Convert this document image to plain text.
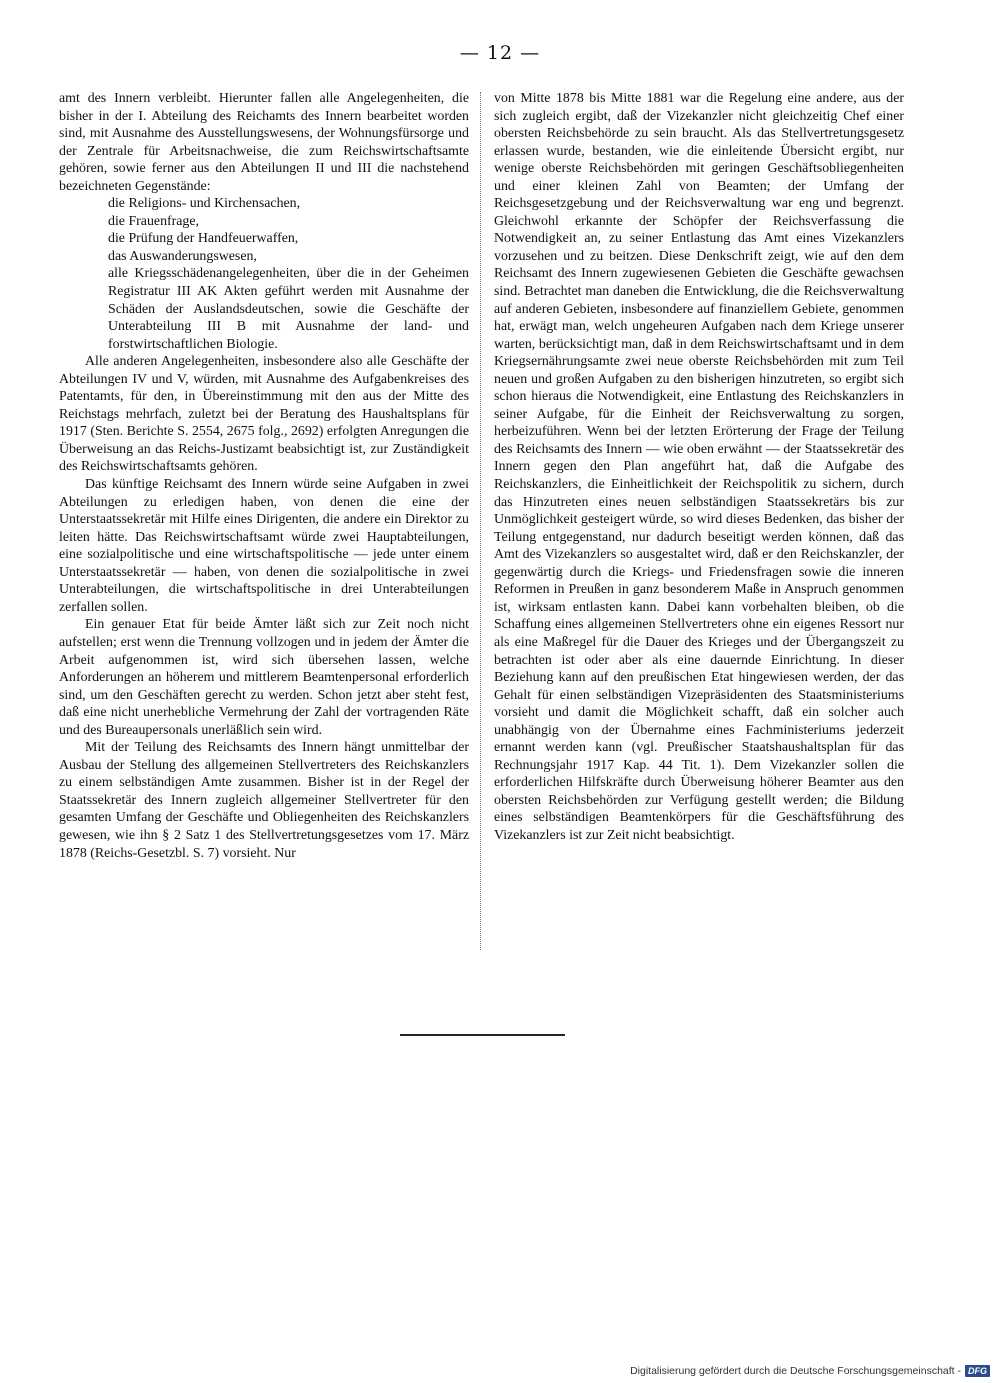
— 12 —

amt des Innern verbleibt. Hierunter fallen alle Angelegenheiten, die bisher in der I. Abteilung des Reichamts des Innern bearbeitet worden sind, mit Ausnahme des Ausstellungswesens, der Wohnungsfürsorge und der Zentrale für Arbeitsnachweise, die zum Reichswirtschaftsamte gehören, sowie ferner aus den Abteilungen II und III die nachstehend bezeichneten Gegenstände:

die Religions- und Kirchensachen,
die Frauenfrage,
die Prüfung der Handfeuerwaffen,
das Auswanderungswesen,
alle Kriegsschädenangelegenheiten, über die in der Geheimen Registratur III AK Akten geführt werden mit Ausnahme der Schäden der Auslandsdeutschen, sowie die Geschäfte der Unterabteilung III B mit Ausnahme der land- und forstwirtschaftlichen Biologie.

Alle anderen Angelegenheiten, insbesondere also alle Geschäfte der Abteilungen IV und V, würden, mit Ausnahme des Aufgabenkreises des Patentamts, für den, in Übereinstimmung mit den aus der Mitte des Reichstags mehrfach, zuletzt bei der Beratung des Haushaltsplans für 1917 (Sten. Berichte S. 2554, 2675 folg., 2692) erfolgten Anregungen die Überweisung an das Reichs-Justizamt beabsichtigt ist, zur Zuständigkeit des Reichswirtschaftsamts gehören.

Das künftige Reichsamt des Innern würde seine Aufgaben in zwei Abteilungen zu erledigen haben, von denen die eine der Unterstaatssekretär mit Hilfe eines Dirigenten, die andere ein Direktor zu leiten hätte. Das Reichswirtschaftsamt würde zwei Hauptabteilungen, eine sozialpolitische und eine wirtschaftspolitische — jede unter einem Unterstaatssekretär — haben, von denen die sozialpolitische in zwei Unterabteilungen, die wirtschaftspolitische in drei Unterabteilungen zerfallen sollen.

Ein genauer Etat für beide Ämter läßt sich zur Zeit noch nicht aufstellen; erst wenn die Trennung vollzogen und in jedem der Ämter die Arbeit aufgenommen ist, wird sich übersehen lassen, welche Anforderungen an höherem und mittlerem Beamtenpersonal erforderlich sind, um den Geschäften gerecht zu werden. Schon jetzt aber steht fest, daß eine nicht unerhebliche Vermehrung der Zahl der vortragenden Räte und des Bureaupersonals unerläßlich sein wird.

Mit der Teilung des Reichsamts des Innern hängt unmittelbar der Ausbau der Stellung des allgemeinen Stellvertreters des Reichskanzlers zu einem selbständigen Amte zusammen. Bisher ist in der Regel der Staatssekretär des Innern zugleich allgemeiner Stellvertreter für den gesamten Umfang der Geschäfte und Obliegenheiten des Reichskanzlers gewesen, wie ihn § 2 Satz 1 des Stellvertretungsgesetzes vom 17. März 1878 (Reichs-Gesetzbl. S. 7) vorsieht. Nur

von Mitte 1878 bis Mitte 1881 war die Regelung eine andere, aus der sich zugleich ergibt, daß der Vizekanzler nicht gleichzeitig Chef einer obersten Reichsbehörde zu sein braucht. Als das Stellvertretungsgesetz erlassen wurde, bestanden, wie die einleitende Übersicht ergibt, nur wenige oberste Reichsbehörden mit geringen Geschäftsobliegenheiten und einer kleinen Zahl von Beamten; der Umfang der Reichsgesetzgebung und der Reichsverwaltung war eng und begrenzt. Gleichwohl erkannte der Schöpfer der Reichsverfassung die Notwendigkeit an, zu seiner Entlastung das Amt eines Vizekanzlers vorzusehen und zu beitzen. Diese Denkschrift zeigt, wie auf den dem Reichsamt des Innern zugewiesenen Gebieten die Geschäfte gewachsen sind. Betrachtet man daneben die Entwicklung, die die Reichsverwaltung auf anderen Gebieten, insbesondere auf finanziellem Gebiete, genommen hat, erwägt man, welch ungeheuren Aufgaben nach dem Kriege unserer warten, berücksichtigt man, daß in dem Reichswirtschaftsamt und in dem Kriegsernährungsamte zwei neue oberste Reichsbehörden mit zum Teil neuen und großen Aufgaben zu den bisherigen hinzutreten, so ergibt sich schon hieraus die Notwendigkeit, eine Entlastung des Reichskanzlers in seiner Aufgabe, für die Einheit der Reichsverwaltung zu sorgen, herbeizuführen. Wenn bei der letzten Erörterung der Frage der Teilung des Reichsamts des Innern — wie oben erwähnt — der Staatssekretär des Innern gegen den Plan angeführt hat, daß die Aufgabe des Reichskanzlers, die Einheitlichkeit der Reichspolitik zu sichern, durch das Hinzutreten eines neuen selbständigen Staatssekretärs bis zur Unmöglichkeit gesteigert würde, so wird dieses Bedenken, das bisher der Teilung entgegenstand, nur dadurch beseitigt werden können, daß das Amt des Vizekanzlers so ausgestaltet wird, daß er den Reichskanzler, der gegenwärtig durch die Kriegs- und Friedensfragen sowie die inneren Reformen in Preußen in ganz besonderem Maße in Anspruch genommen ist, wirksam entlasten kann. Dabei kann vorbehalten bleiben, ob die Schaffung eines allgemeinen Stellvertreters ohne ein eigenes Ressort nur als eine Maßregel für die Dauer des Krieges und der Übergangszeit zu betrachten ist oder aber als eine dauernde Einrichtung. In dieser Beziehung kann auf den preußischen Etat hingewiesen werden, der das Gehalt für einen selbständigen Vizepräsidenten des Staatsministeriums vorsieht und damit die Möglichkeit schafft, daß ein solcher auch unabhängig von der Übernahme eines Fachministeriums jederzeit ernannt werden kann (vgl. Preußischer Staatshaushaltsplan für das Rechnungsjahr 1917 Kap. 44 Tit. 1). Dem Vizekanzler sollen die erforderlichen Hilfskräfte durch Überweisung höherer Beamter aus den obersten Reichsbehörden zur Verfügung gestellt werden; die Bildung eines selbständigen Beamtenkörpers für die Geschäftsführung des Vizekanzlers ist zur Zeit nicht beabsichtigt.

Digitalisierung gefördert durch die Deutsche Forschungsgemeinschaft - DFG
